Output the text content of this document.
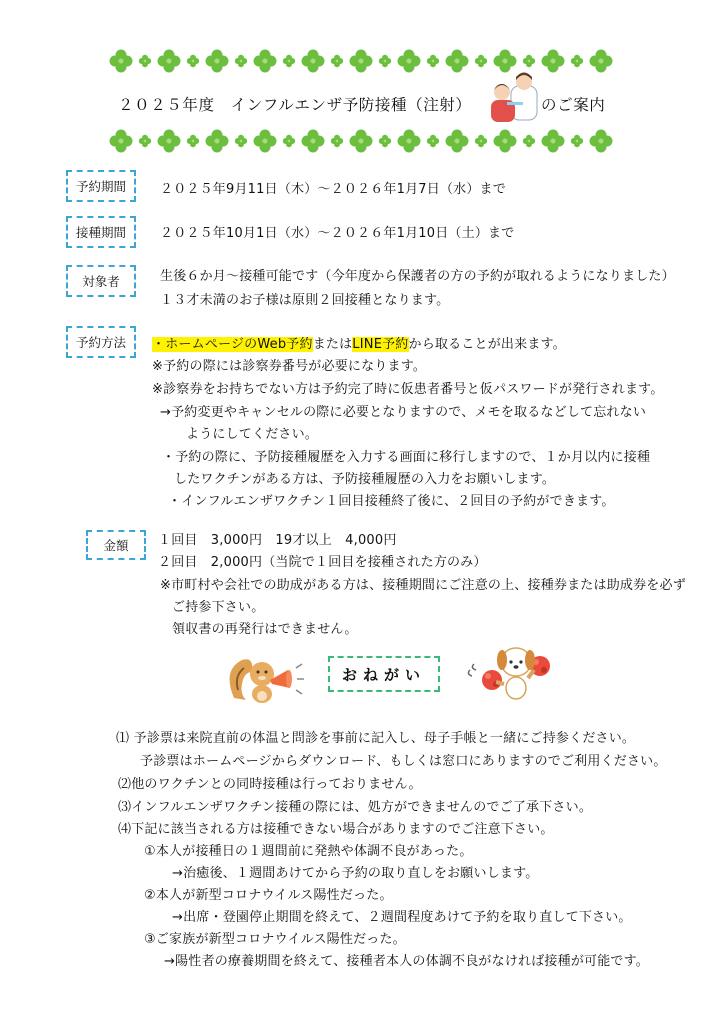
２０２５年度 インフルエンザ予防接種（注射）	のご案内
予約期間	２０２５年9月11日（木）～２０２６年1月7日（水）まで
接種期間	２０２５年10月1日（水）～２０２６年1月10日（土）まで
対象者	生後６か月～接種可能です（今年度から保護者の方の予約が取れるようになりました）
１３才未満のお子様は原則２回接種となります。
予約方法	・ホームページのWeb予約またはLINE予約から取ることが出来ます。
※予約の際には診察券番号が必要になります。
※診察券をお持ちでない方は予約完了時に仮患者番号と仮パスワードが発行されます。
→予約変更やキャンセルの際に必要となりますので、メモを取るなどして忘れない
ようにしてください。
・予約の際に、予防接種履歴を入力する画面に移行しますので、１か月以内に接種
したワクチンがある方は、予防接種履歴の入力をお願いします。
・インフルエンザワクチン１回目接種終了後に、２回目の予約ができます。
金額	１回目　3,000円　19才以上　4,000円
２回目　2,000円（当院で１回目を接種された方のみ）
※市町村や会社での助成がある方は、接種期間にご注意の上、接種券または助成券を必ず
ご持参下さい。
領収書の再発行はできません。
おねがい
⑴ 予診票は来院直前の体温と問診を事前に記入し、母子手帳と一緒にご持参ください。
予診票はホームページからダウンロード、もしくは窓口にありますのでご利用ください。
⑵他のワクチンとの同時接種は行っておりません。
⑶インフルエンザワクチン接種の際には、処方ができませんのでご了承下さい。
⑷下記に該当される方は接種できない場合がありますのでご注意下さい。
①本人が接種日の１週間前に発熱や体調不良があった。
→治癒後、１週間あけてから予約の取り直しをお願いします。
②本人が新型コロナウイルス陽性だった。
→出席・登園停止期間を終えて、２週間程度あけて予約を取り直して下さい。
③ご家族が新型コロナウイルス陽性だった。
→陽性者の療養期間を終えて、接種者本人の体調不良がなければ接種が可能です。
